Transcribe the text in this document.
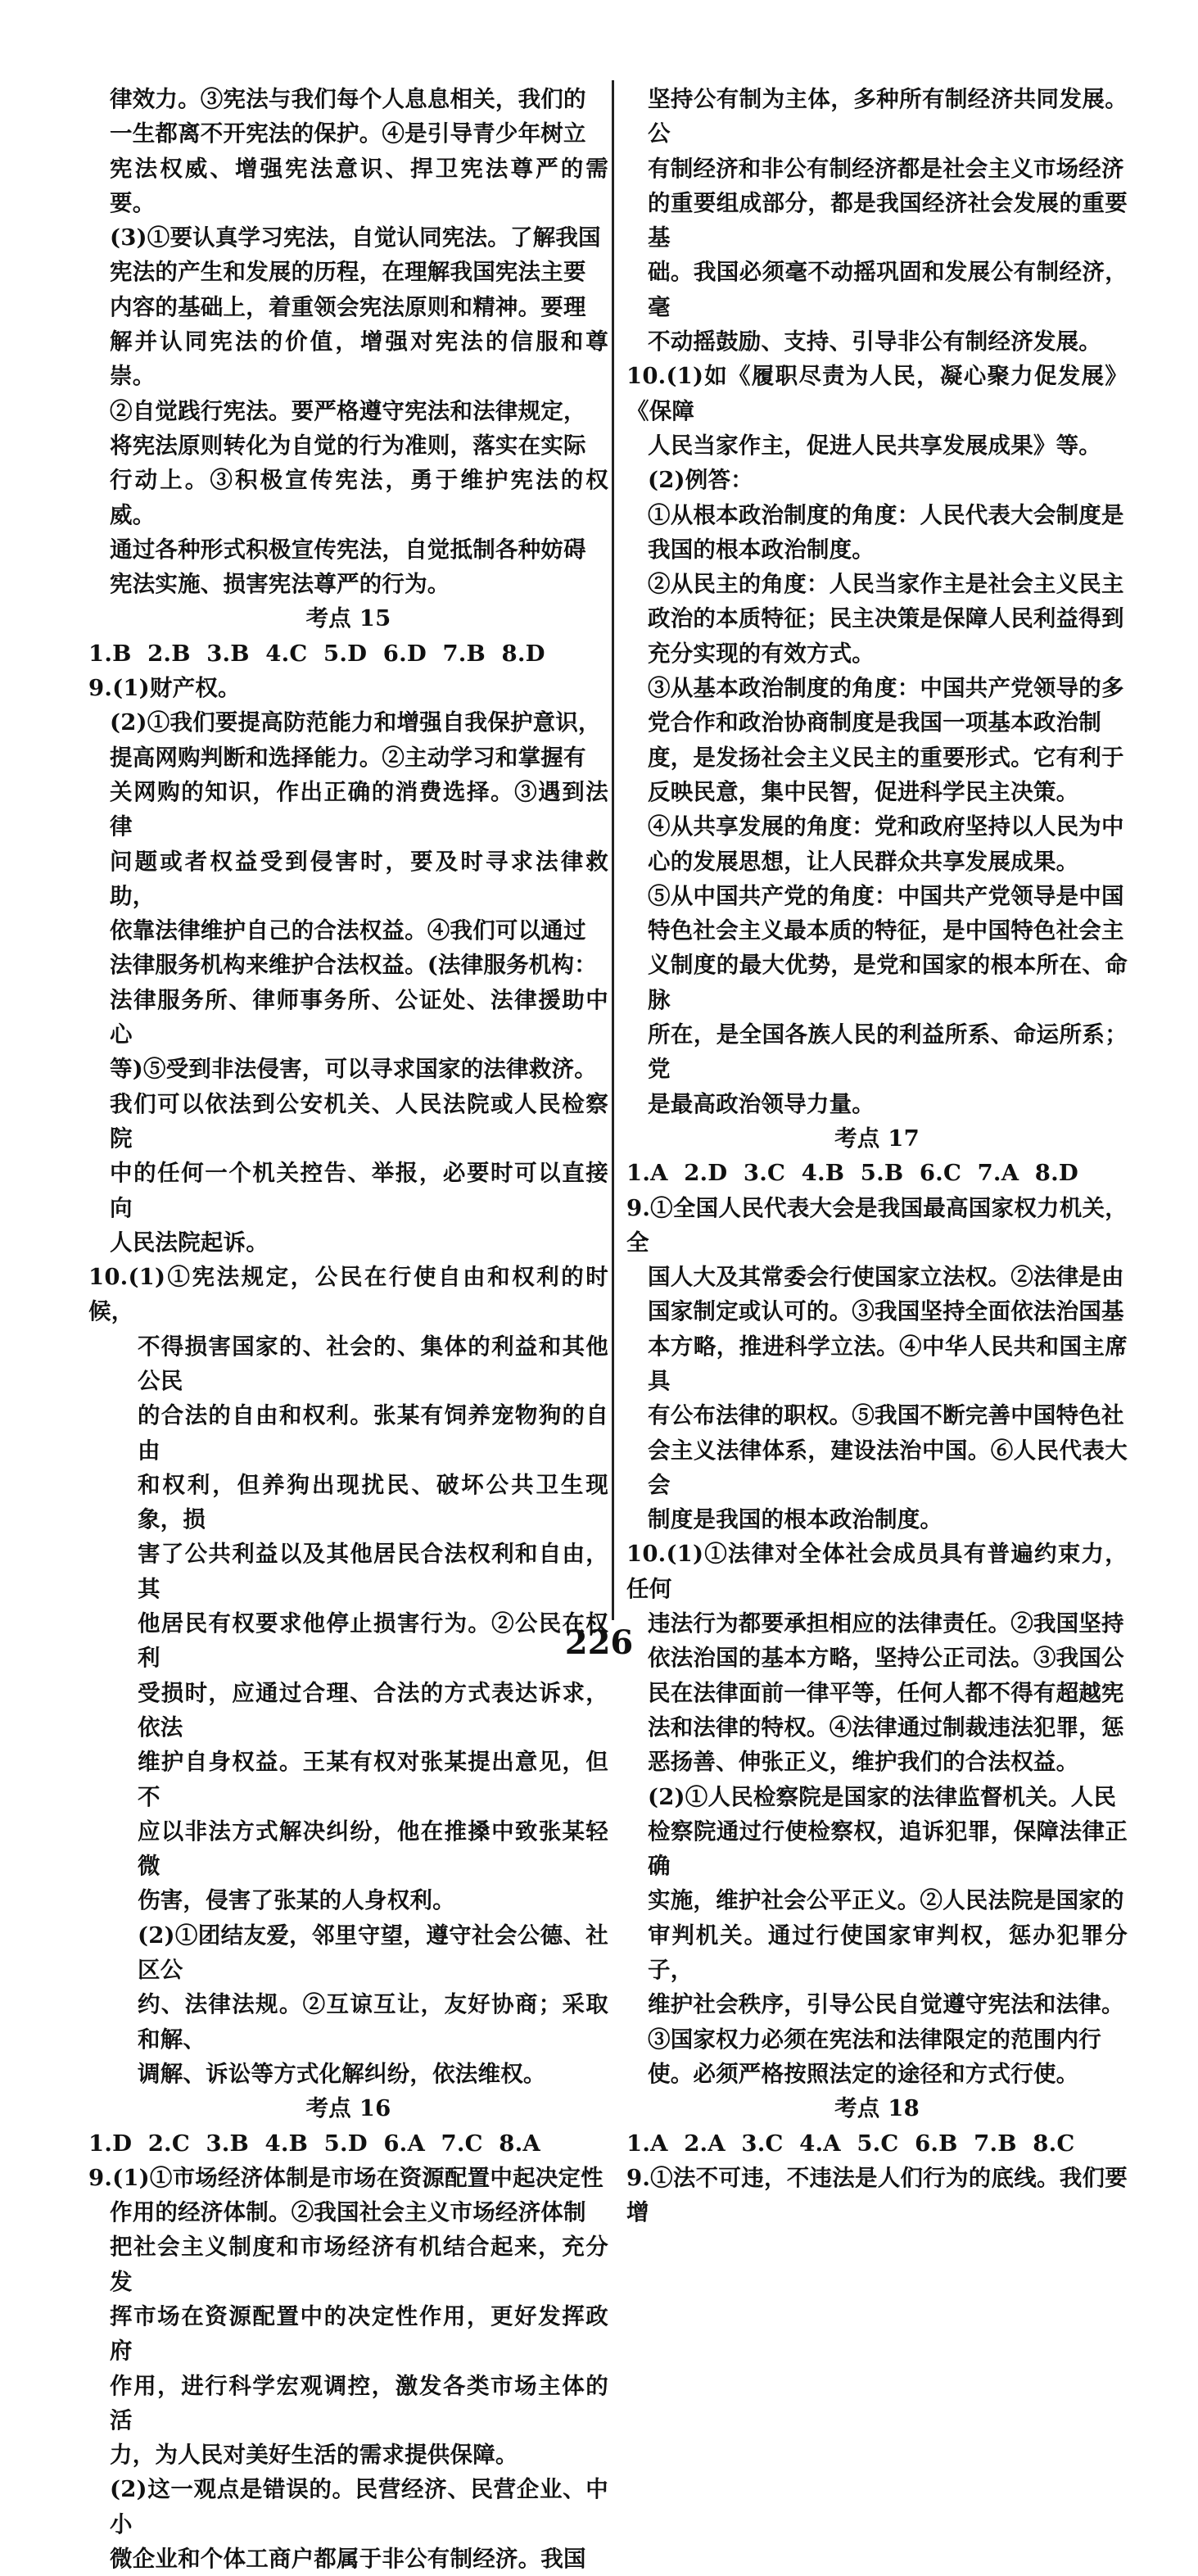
律效力。③宪法与我们每个人息息相关，我们的
一生都离不开宪法的保护。④是引导青少年树立
宪法权威、增强宪法意识、捍卫宪法尊严的需要。
(3)①要认真学习宪法，自觉认同宪法。了解我国
宪法的产生和发展的历程，在理解我国宪法主要
内容的基础上，着重领会宪法原则和精神。要理
解并认同宪法的价值，增强对宪法的信服和尊崇。
②自觉践行宪法。要严格遵守宪法和法律规定，
将宪法原则转化为自觉的行为准则，落实在实际
行动上。③积极宣传宪法，勇于维护宪法的权威。
通过各种形式积极宣传宪法，自觉抵制各种妨碍
宪法实施、损害宪法尊严的行为。
考点 15
1.B  2.B  3.B  4.C  5.D  6.D  7.B  8.D
9.(1)财产权。
(2)①我们要提高防范能力和增强自我保护意识，
提高网购判断和选择能力。②主动学习和掌握有
关网购的知识，作出正确的消费选择。③遇到法律
问题或者权益受到侵害时，要及时寻求法律救助，
依靠法律维护自己的合法权益。④我们可以通过
法律服务机构来维护合法权益。(法律服务机构：
法律服务所、律师事务所、公证处、法律援助中心
等)⑤受到非法侵害，可以寻求国家的法律救济。
我们可以依法到公安机关、人民法院或人民检察院
中的任何一个机关控告、举报，必要时可以直接向
人民法院起诉。
10.(1)①宪法规定，公民在行使自由和权利的时候，
不得损害国家的、社会的、集体的利益和其他公民
的合法的自由和权利。张某有饲养宠物狗的自由
和权利，但养狗出现扰民、破坏公共卫生现象，损
害了公共利益以及其他居民合法权利和自由，其
他居民有权要求他停止损害行为。②公民在权利
受损时，应通过合理、合法的方式表达诉求，依法
维护自身权益。王某有权对张某提出意见，但不
应以非法方式解决纠纷，他在推搡中致张某轻微
伤害，侵害了张某的人身权利。
(2)①团结友爱，邻里守望，遵守社会公德、社区公
约、法律法规。②互谅互让，友好协商；采取和解、
调解、诉讼等方式化解纠纷，依法维权。
考点 16
1.D  2.C  3.B  4.B  5.D  6.A  7.C  8.A
9.(1)①市场经济体制是市场在资源配置中起决定性
作用的经济体制。②我国社会主义市场经济体制
把社会主义制度和市场经济有机结合起来，充分发
挥市场在资源配置中的决定性作用，更好发挥政府
作用，进行科学宏观调控，激发各类市场主体的活
力，为人民对美好生活的需求提供保障。
(2)这一观点是错误的。民营经济、民营企业、中小
微企业和个体工商户都属于非公有制经济。我国
坚持公有制为主体，多种所有制经济共同发展。公
有制经济和非公有制经济都是社会主义市场经济
的重要组成部分，都是我国经济社会发展的重要基
础。我国必须毫不动摇巩固和发展公有制经济，毫
不动摇鼓励、支持、引导非公有制经济发展。
10.(1)如《履职尽责为人民，凝心聚力促发展》《保障
人民当家作主，促进人民共享发展成果》等。
(2)例答：
①从根本政治制度的角度：人民代表大会制度是
我国的根本政治制度。
②从民主的角度：人民当家作主是社会主义民主
政治的本质特征；民主决策是保障人民利益得到
充分实现的有效方式。
③从基本政治制度的角度：中国共产党领导的多
党合作和政治协商制度是我国一项基本政治制
度，是发扬社会主义民主的重要形式。它有利于
反映民意，集中民智，促进科学民主决策。
④从共享发展的角度：党和政府坚持以人民为中
心的发展思想，让人民群众共享发展成果。
⑤从中国共产党的角度：中国共产党领导是中国
特色社会主义最本质的特征，是中国特色社会主
义制度的最大优势，是党和国家的根本所在、命脉
所在，是全国各族人民的利益所系、命运所系；党
是最高政治领导力量。
考点 17
1.A  2.D  3.C  4.B  5.B  6.C  7.A  8.D
9.①全国人民代表大会是我国最高国家权力机关，全
国人大及其常委会行使国家立法权。②法律是由
国家制定或认可的。③我国坚持全面依法治国基
本方略，推进科学立法。④中华人民共和国主席具
有公布法律的职权。⑤我国不断完善中国特色社
会主义法律体系，建设法治中国。⑥人民代表大会
制度是我国的根本政治制度。
10.(1)①法律对全体社会成员具有普遍约束力，任何
违法行为都要承担相应的法律责任。②我国坚持
依法治国的基本方略，坚持公正司法。③我国公
民在法律面前一律平等，任何人都不得有超越宪
法和法律的特权。④法律通过制裁违法犯罪，惩
恶扬善、伸张正义，维护我们的合法权益。
(2)①人民检察院是国家的法律监督机关。人民
检察院通过行使检察权，追诉犯罪，保障法律正确
实施，维护社会公平正义。②人民法院是国家的
审判机关。通过行使国家审判权，惩办犯罪分子，
维护社会秩序，引导公民自觉遵守宪法和法律。
③国家权力必须在宪法和法律限定的范围内行
使。必须严格按照法定的途径和方式行使。
考点 18
1.A  2.A  3.C  4.A  5.C  6.B  7.B  8.C
9.①法不可违，不违法是人们行为的底线。我们要增
226
